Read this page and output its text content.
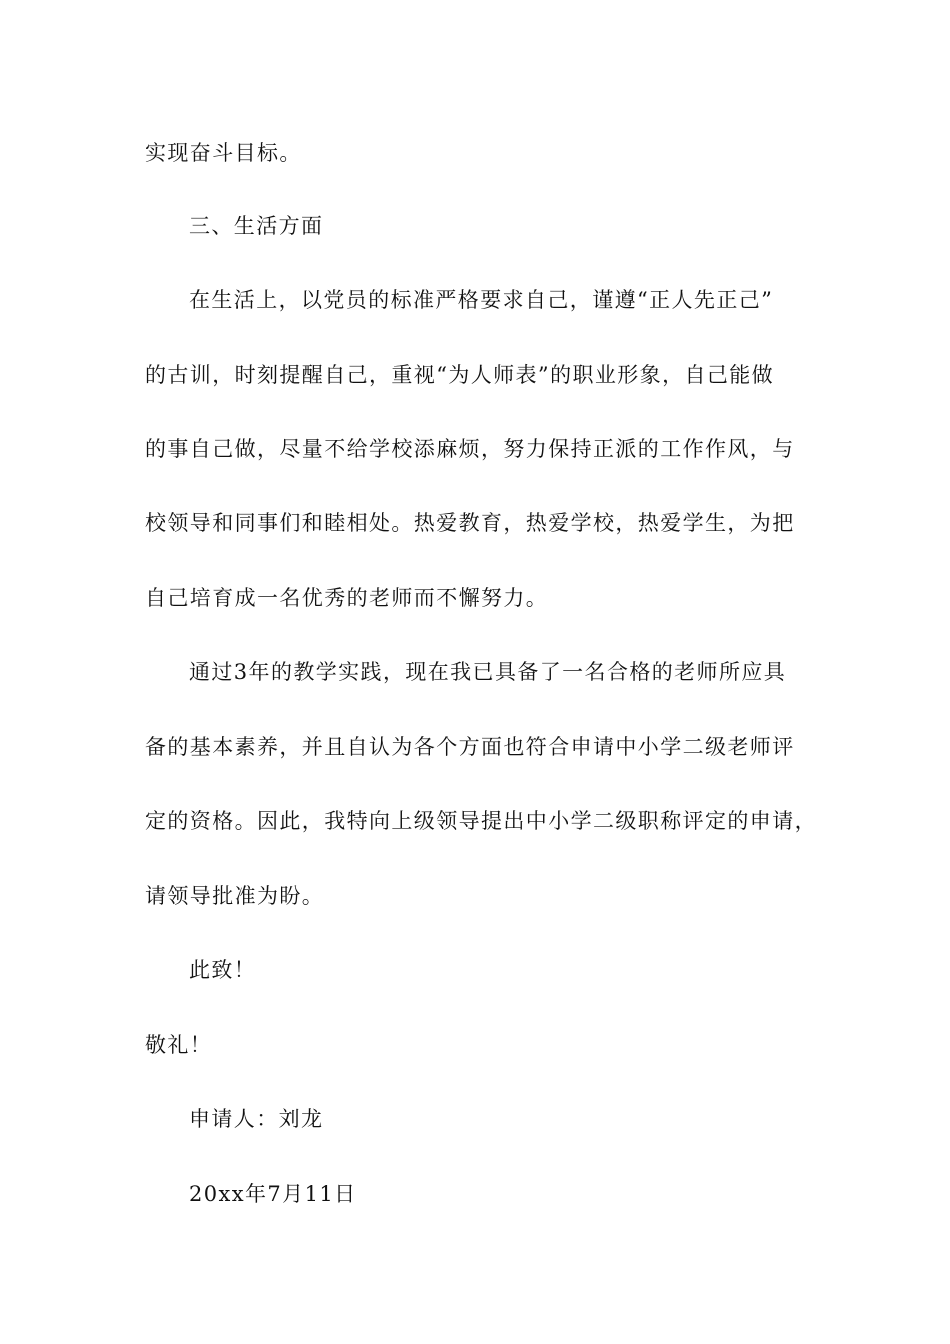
实现奋斗目标。
三、生活方面
在生活上，以党员的标准严格要求自己，谨遵“正人先正己”
的古训，时刻提醒自己，重视“为人师表”的职业形象，自己能做
的事自己做，尽量不给学校添麻烦，努力保持正派的工作作风，与
校领导和同事们和睦相处。热爱教育，热爱学校，热爱学生，为把
自己培育成一名优秀的老师而不懈努力。
通过3年的教学实践，现在我已具备了一名合格的老师所应具
备的基本素养，并且自认为各个方面也符合申请中小学二级老师评
定的资格。因此，我特向上级领导提出中小学二级职称评定的申请，
请领导批准为盼。
此致！
敬礼！
申请人：刘龙
20xx年7月11日
